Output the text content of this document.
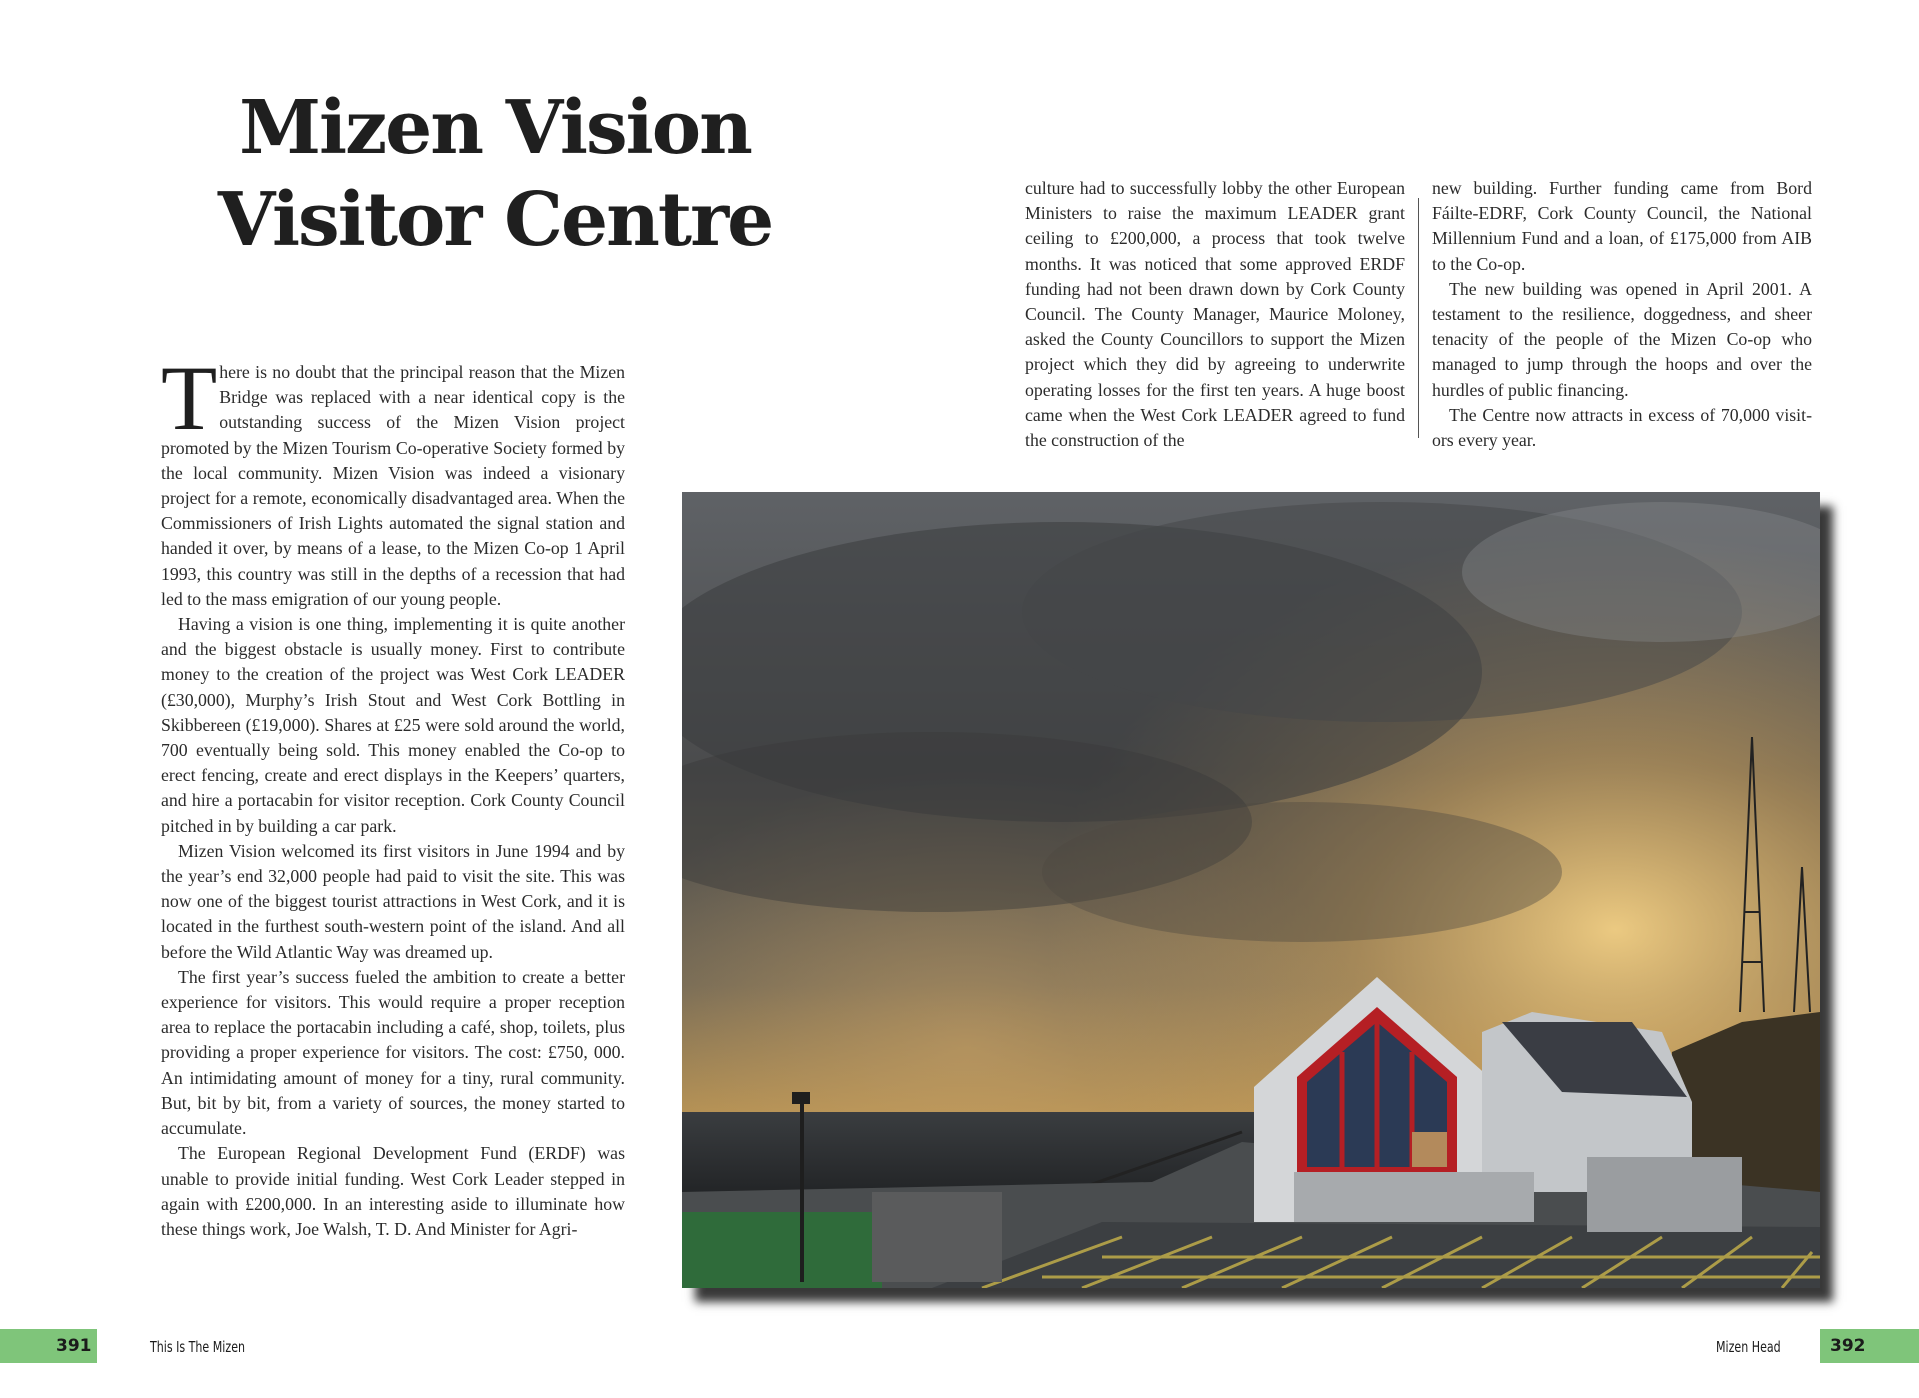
Mizen Vision
Visitor Centre

There is no doubt that the principal reason that the Mizen Bridge was replaced with a near identical copy is the outstanding success of the Mizen Vision project promoted by the Mizen Tourism Co-operative Society formed by the local community. Mizen Vision was indeed a visionary project for a remote, economically disadvantaged area. When the Commissioners of Irish Lights automated the signal station and handed it over, by means of a lease, to the Mizen Co-op 1 April 1993, this country was still in the depths of a recession that had led to the mass emigration of our young people.

Having a vision is one thing, implementing it is quite another and the biggest obstacle is usually money. First to contribute money to the creation of the project was West Cork LEADER (£30,000), Murphy’s Irish Stout and West Cork Bottling in Skibbereen (£19,000). Shares at £25 were sold around the world, 700 eventually being sold. This money enabled the Co-op to erect fencing, create and erect displays in the Keepers’ quarters, and hire a portacabin for visitor reception. Cork County Council pitched in by building a car park.

Mizen Vision welcomed its first visitors in June 1994 and by the year’s end 32,000 people had paid to visit the site. This was now one of the biggest tourist attractions in West Cork, and it is located in the furthest south-western point of the island. And all before the Wild Atlantic Way was dreamed up.

The first year’s success fueled the ambition to create a better experience for visitors. This would require a proper reception area to replace the portacabin including a café, shop, toilets, plus providing a proper experience for visitors. The cost: £750, 000. An intimidating amount of money for a tiny, rural community. But, bit by bit, from a variety of sources, the money started to accumulate.

The European Regional Development Fund (ERDF) was unable to provide initial funding. West Cork Leader stepped in again with £200,000. In an interesting aside to illuminate how these things work, Joe Walsh, T. D. And Minister for Agri-

culture had to successfully lobby the other European Ministers to raise the maximum LEADER grant ceiling to £200,000, a process that took twelve months. It was noticed that some approved ERDF funding had not been drawn down by Cork County Council. The County Manager, Maurice Moloney, asked the County Councillors to support the Mizen project which they did by agreeing to underwrite operating losses for the first ten years. A huge boost came when the West Cork LEADER agreed to fund the construction of the

new building. Further funding came from Bord Fáilte-EDRF, Cork County Council, the National Millennium Fund and a loan, of £175,000 from AIB to the Co-op.

The new building was opened in April 2001. A testament to the resilience, doggedness, and sheer tenacity of the people of the Mizen Co-op who managed to jump through the hoops and over the hurdles of public financing.

The Centre now attracts in excess of 70,000 visitors every year.

391	This Is The Mizen	Mizen Head	392
